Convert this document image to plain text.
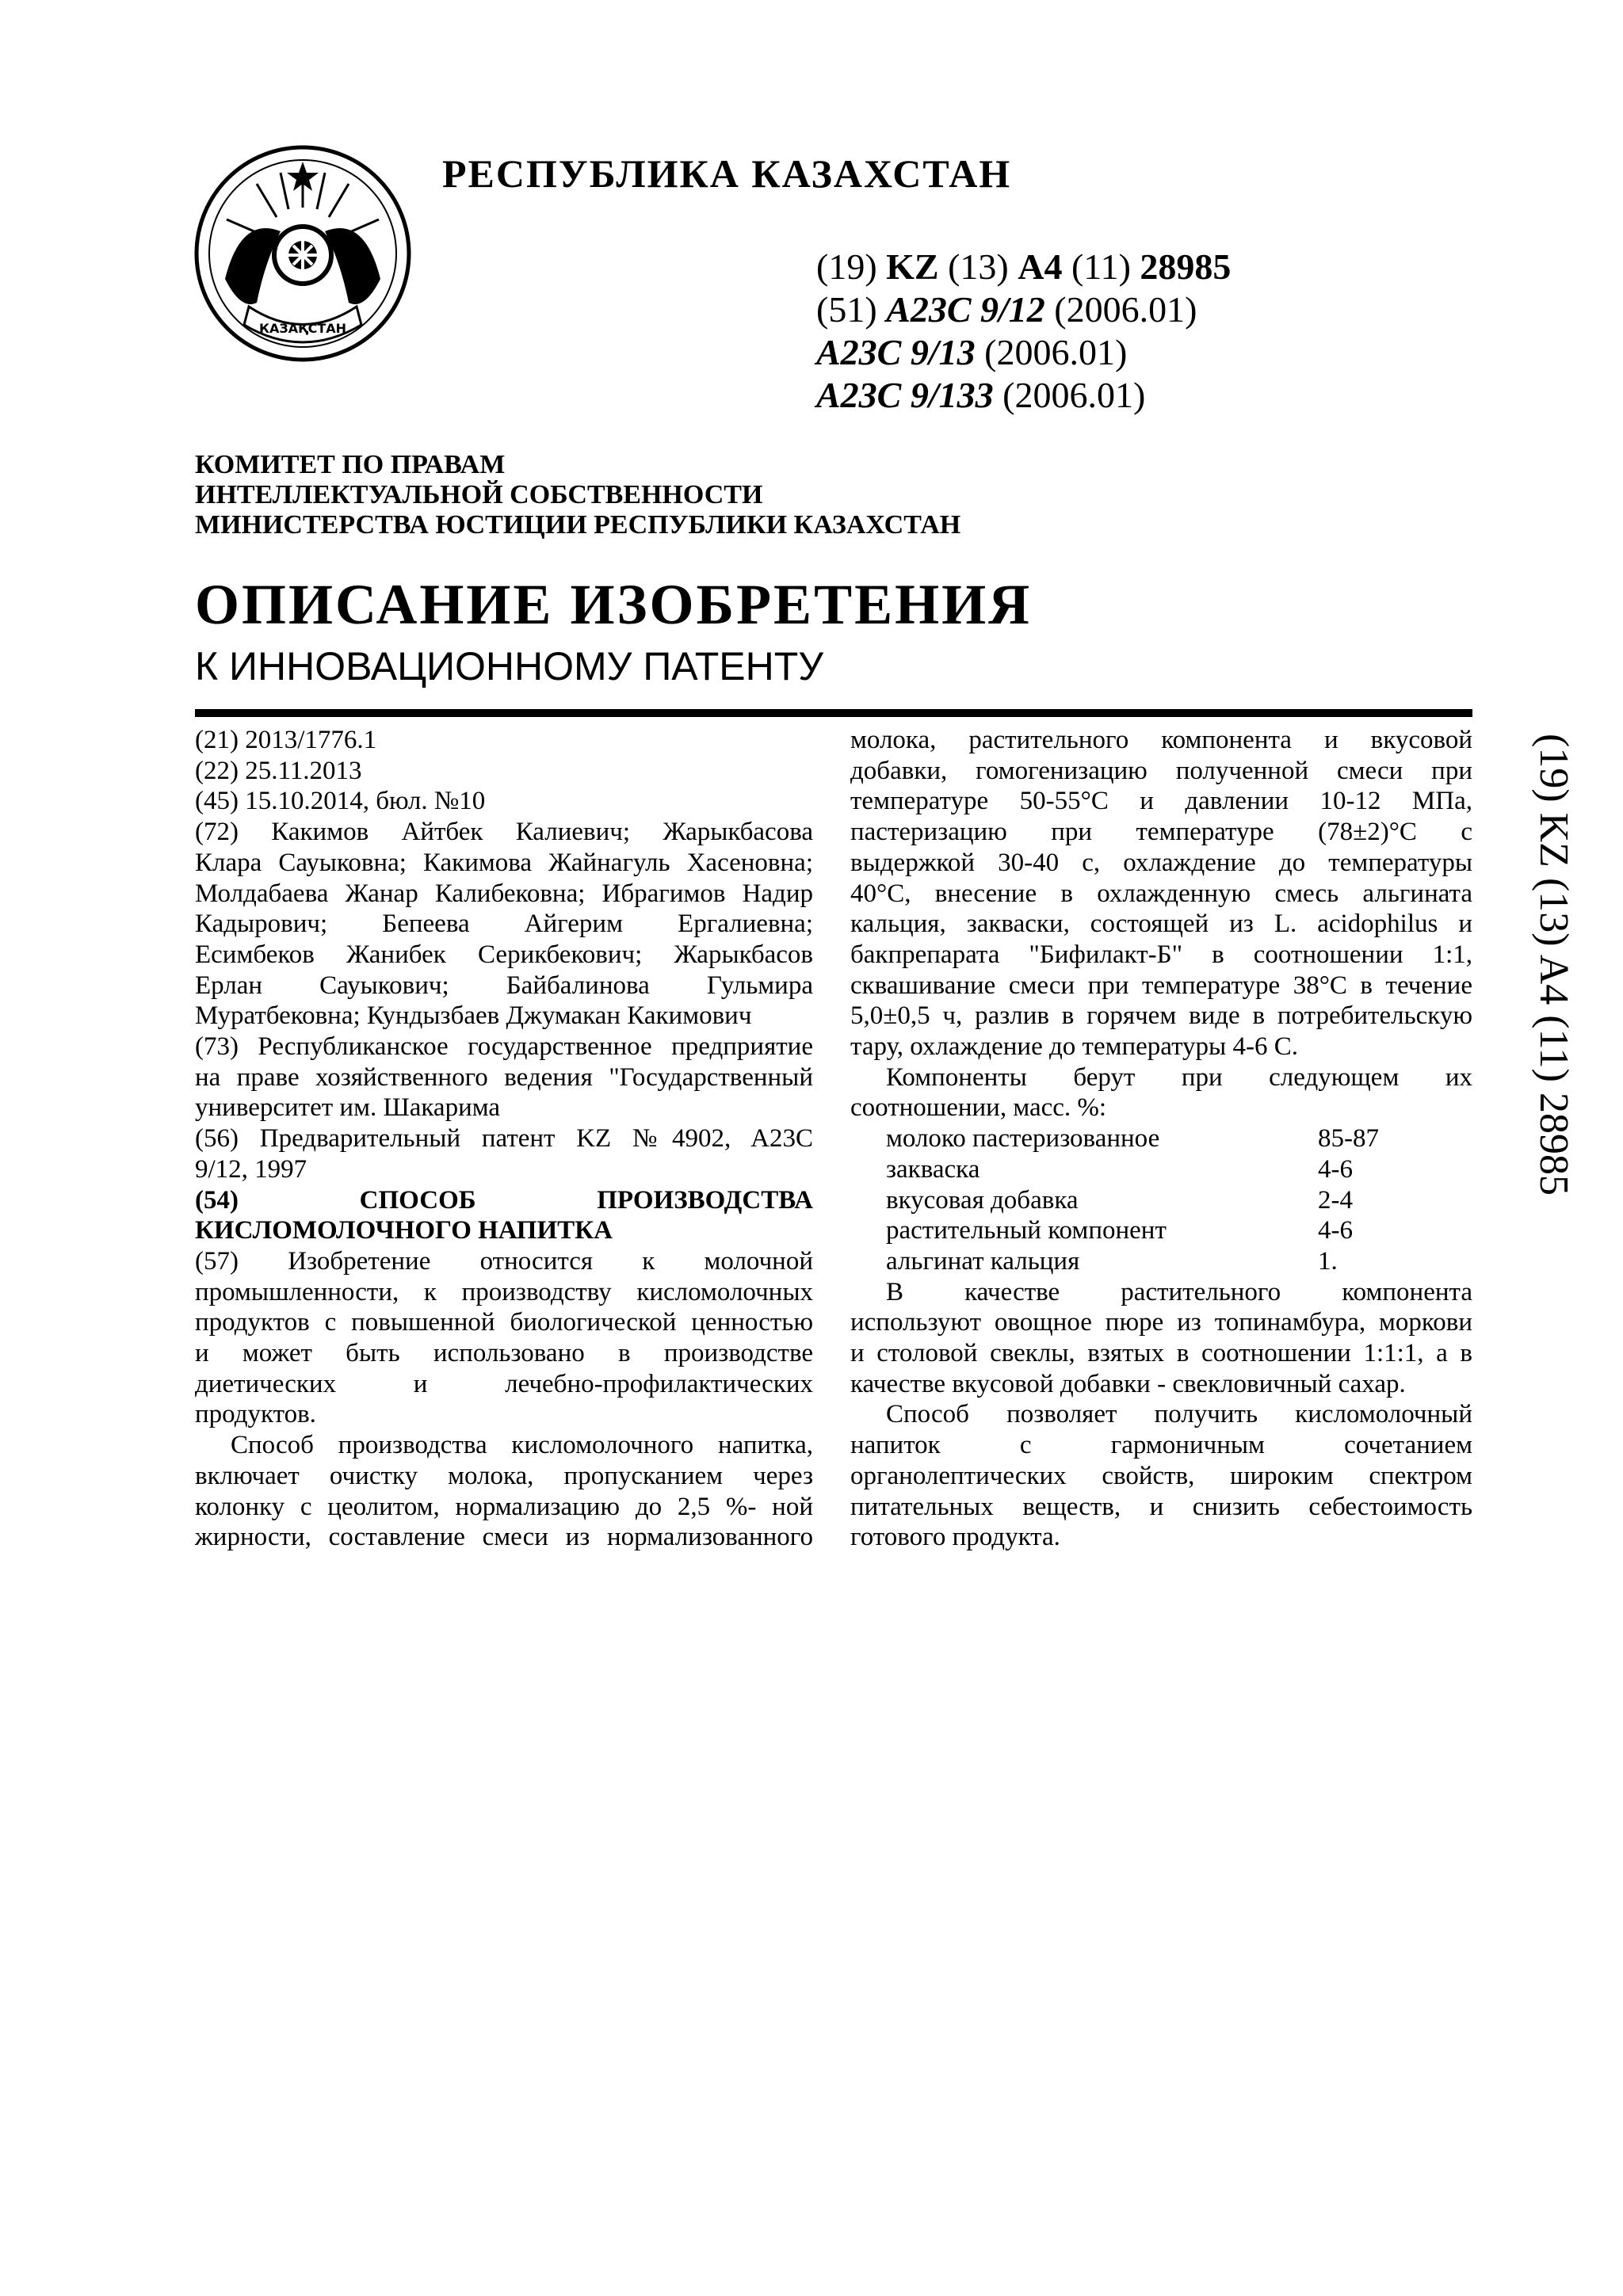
КАЗАҚСТАН
РЕСПУБЛИКА КАЗАХСТАН
(19) KZ (13) A4 (11) 28985
(51) A23C 9/12 (2006.01)
A23C 9/13 (2006.01)
A23C 9/133 (2006.01)
КОМИТЕТ ПО ПРАВАМ
ИНТЕЛЛЕКТУАЛЬНОЙ СОБСТВЕННОСТИ
МИНИСТЕРСТВА ЮСТИЦИИ РЕСПУБЛИКИ КАЗАХСТАН
ОПИСАНИЕ ИЗОБРЕТЕНИЯ
К ИННОВАЦИОННОМУ ПАТЕНТУ

(21) 2013/1776.1

(22) 25.11.2013

(45) 15.10.2014, бюл. №10

(72) Какимов Айтбек Калиевич; Жарыкбасова

Клара Сауыковна; Какимова Жайнагуль Хасеновна;

Молдабаева Жанар Калибековна; Ибрагимов Надир

Кадырович; Бепеева Айгерим Ергалиевна;

Есимбеков Жанибек Серикбекович; Жарыкбасов

Ерлан Сауыкович; Байбалинова Гульмира

Муратбековна; Кундызбаев Джумакан Какимович

(73) Республиканское государственное предприятие

на праве хозяйственного ведения "Государственный

университет им. Шакарима

(56) Предварительный патент KZ №4902, A23C

9/12, 1997

(54) СПОСОБ ПРОИЗВОДСТВА

КИСЛОМОЛОЧНОГО НАПИТКА

(57) Изобретение относится к молочной

промышленности, к производству кисломолочных

продуктов с повышенной биологической ценностью

и может быть использовано в производстве

диетических и лечебно-профилактических

продуктов.

Способ производства кисломолочного напитка,

включает очистку молока, пропусканием через

колонку с цеолитом, нормализацию до 2,5 %- ной

жирности, составление смеси из нормализованного

молока, растительного компонента и вкусовой

добавки, гомогенизацию полученной смеси при

температуре 50-55°С и давлении 10-12 МПа,

пастеризацию при температуре (78±2)°С с

выдержкой 30-40 с, охлаждение до температуры

40°С, внесение в охлажденную смесь альгината

кальция, закваски, состоящей из L. acidophilus и

бакпрепарата "Бифилакт-Б" в соотношении 1:1,

сквашивание смеси при температуре 38°С в течение

5,0±0,5 ч, разлив в горячем виде в потребительскую

тару, охлаждение до температуры 4-6 С.

Компоненты берут при следующем их

соотношении, масс. %:

молоко пастеризованное	85-87
закваска	4-6
вкусовая добавка	2-4
растительный компонент	4-6
альгинат кальция	1.

В качестве растительного компонента

используют овощное пюре из топинамбура, моркови

и столовой свеклы, взятых в соотношении 1:1:1, а в

качестве вкусовой добавки - свекловичный сахар.

Способ позволяет получить кисломолочный

напиток с гармоничным сочетанием

органолептических свойств, широким спектром

питательных веществ, и снизить себестоимость

готового продукта.

(19) KZ (13) A4 (11) 28985
